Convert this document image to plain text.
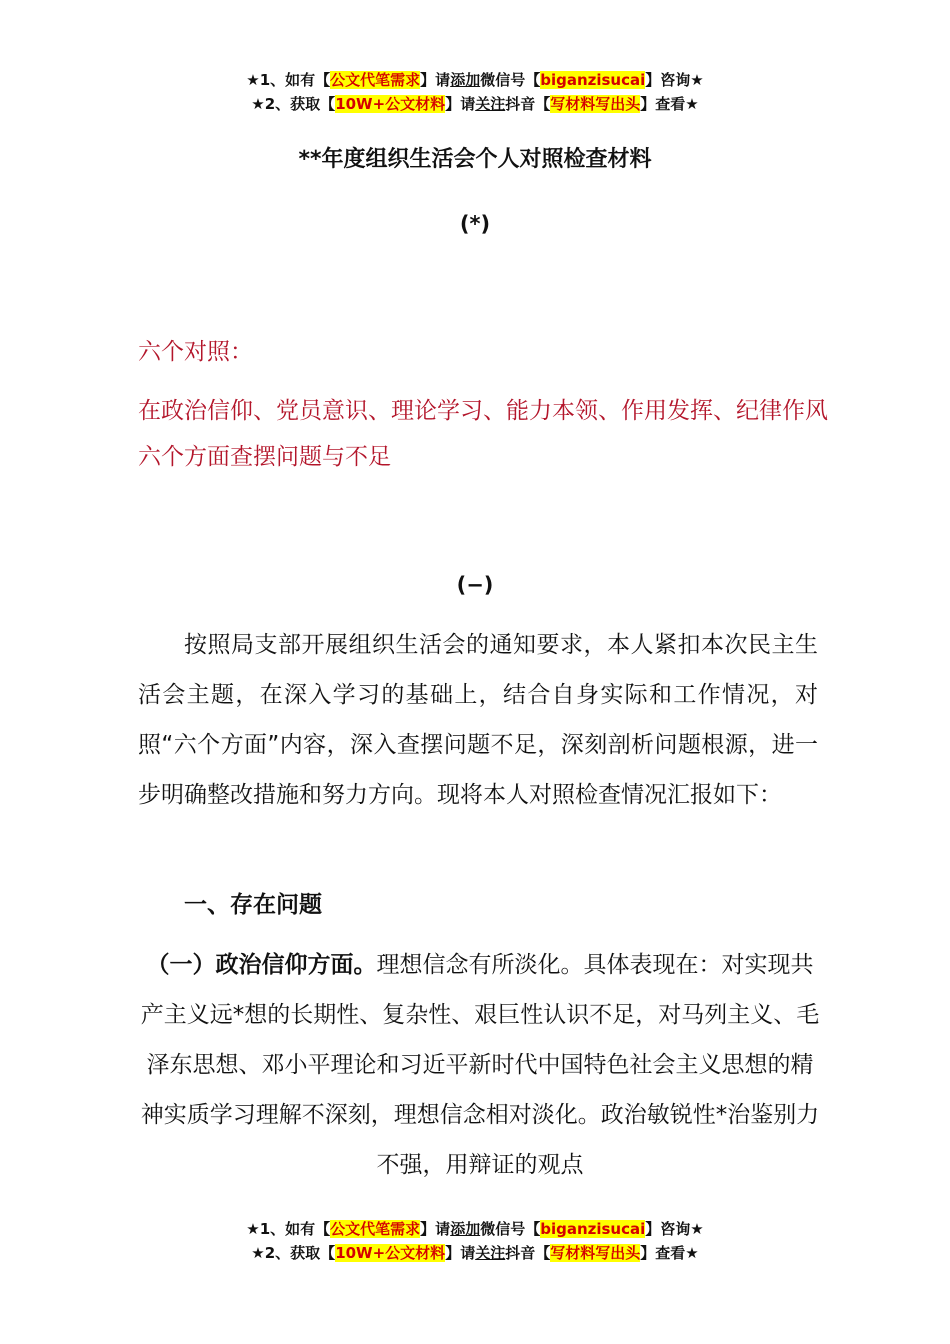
★1、如有【公文代笔需求】请添加微信号【biganzisucai】咨询★
★2、获取【10W+公文材料】请关注抖音【写材料写出头】查看★
**年度组织生活会个人对照检查材料
(*)
六个对照：
在政治信仰、党员意识、理论学习、能力本领、作用发挥、纪律作风六个方面查摆问题与不足
(−)
按照局支部开展组织生活会的通知要求，本人紧扣本次民主生活会主题，在深入学习的基础上，结合自身实际和工作情况，对照“六个方面”内容，深入查摆问题不足，深刻剖析问题根源，进一步明确整改措施和努力方向。现将本人对照检查情况汇报如下：
一、存在问题
（一）政治信仰方面。理想信念有所淡化。具体表现在：对实现共产主义远*想的长期性、复杂性、艰巨性认识不足，对马列主义、毛泽东思想、邓小平理论和习近平新时代中国特色社会主义思想的精神实质学习理解不深刻，理想信念相对淡化。政治敏锐性*治鉴别力不强，用辩证的观点
★1、如有【公文代笔需求】请添加微信号【biganzisucai】咨询★
★2、获取【10W+公文材料】请关注抖音【写材料写出头】查看★
